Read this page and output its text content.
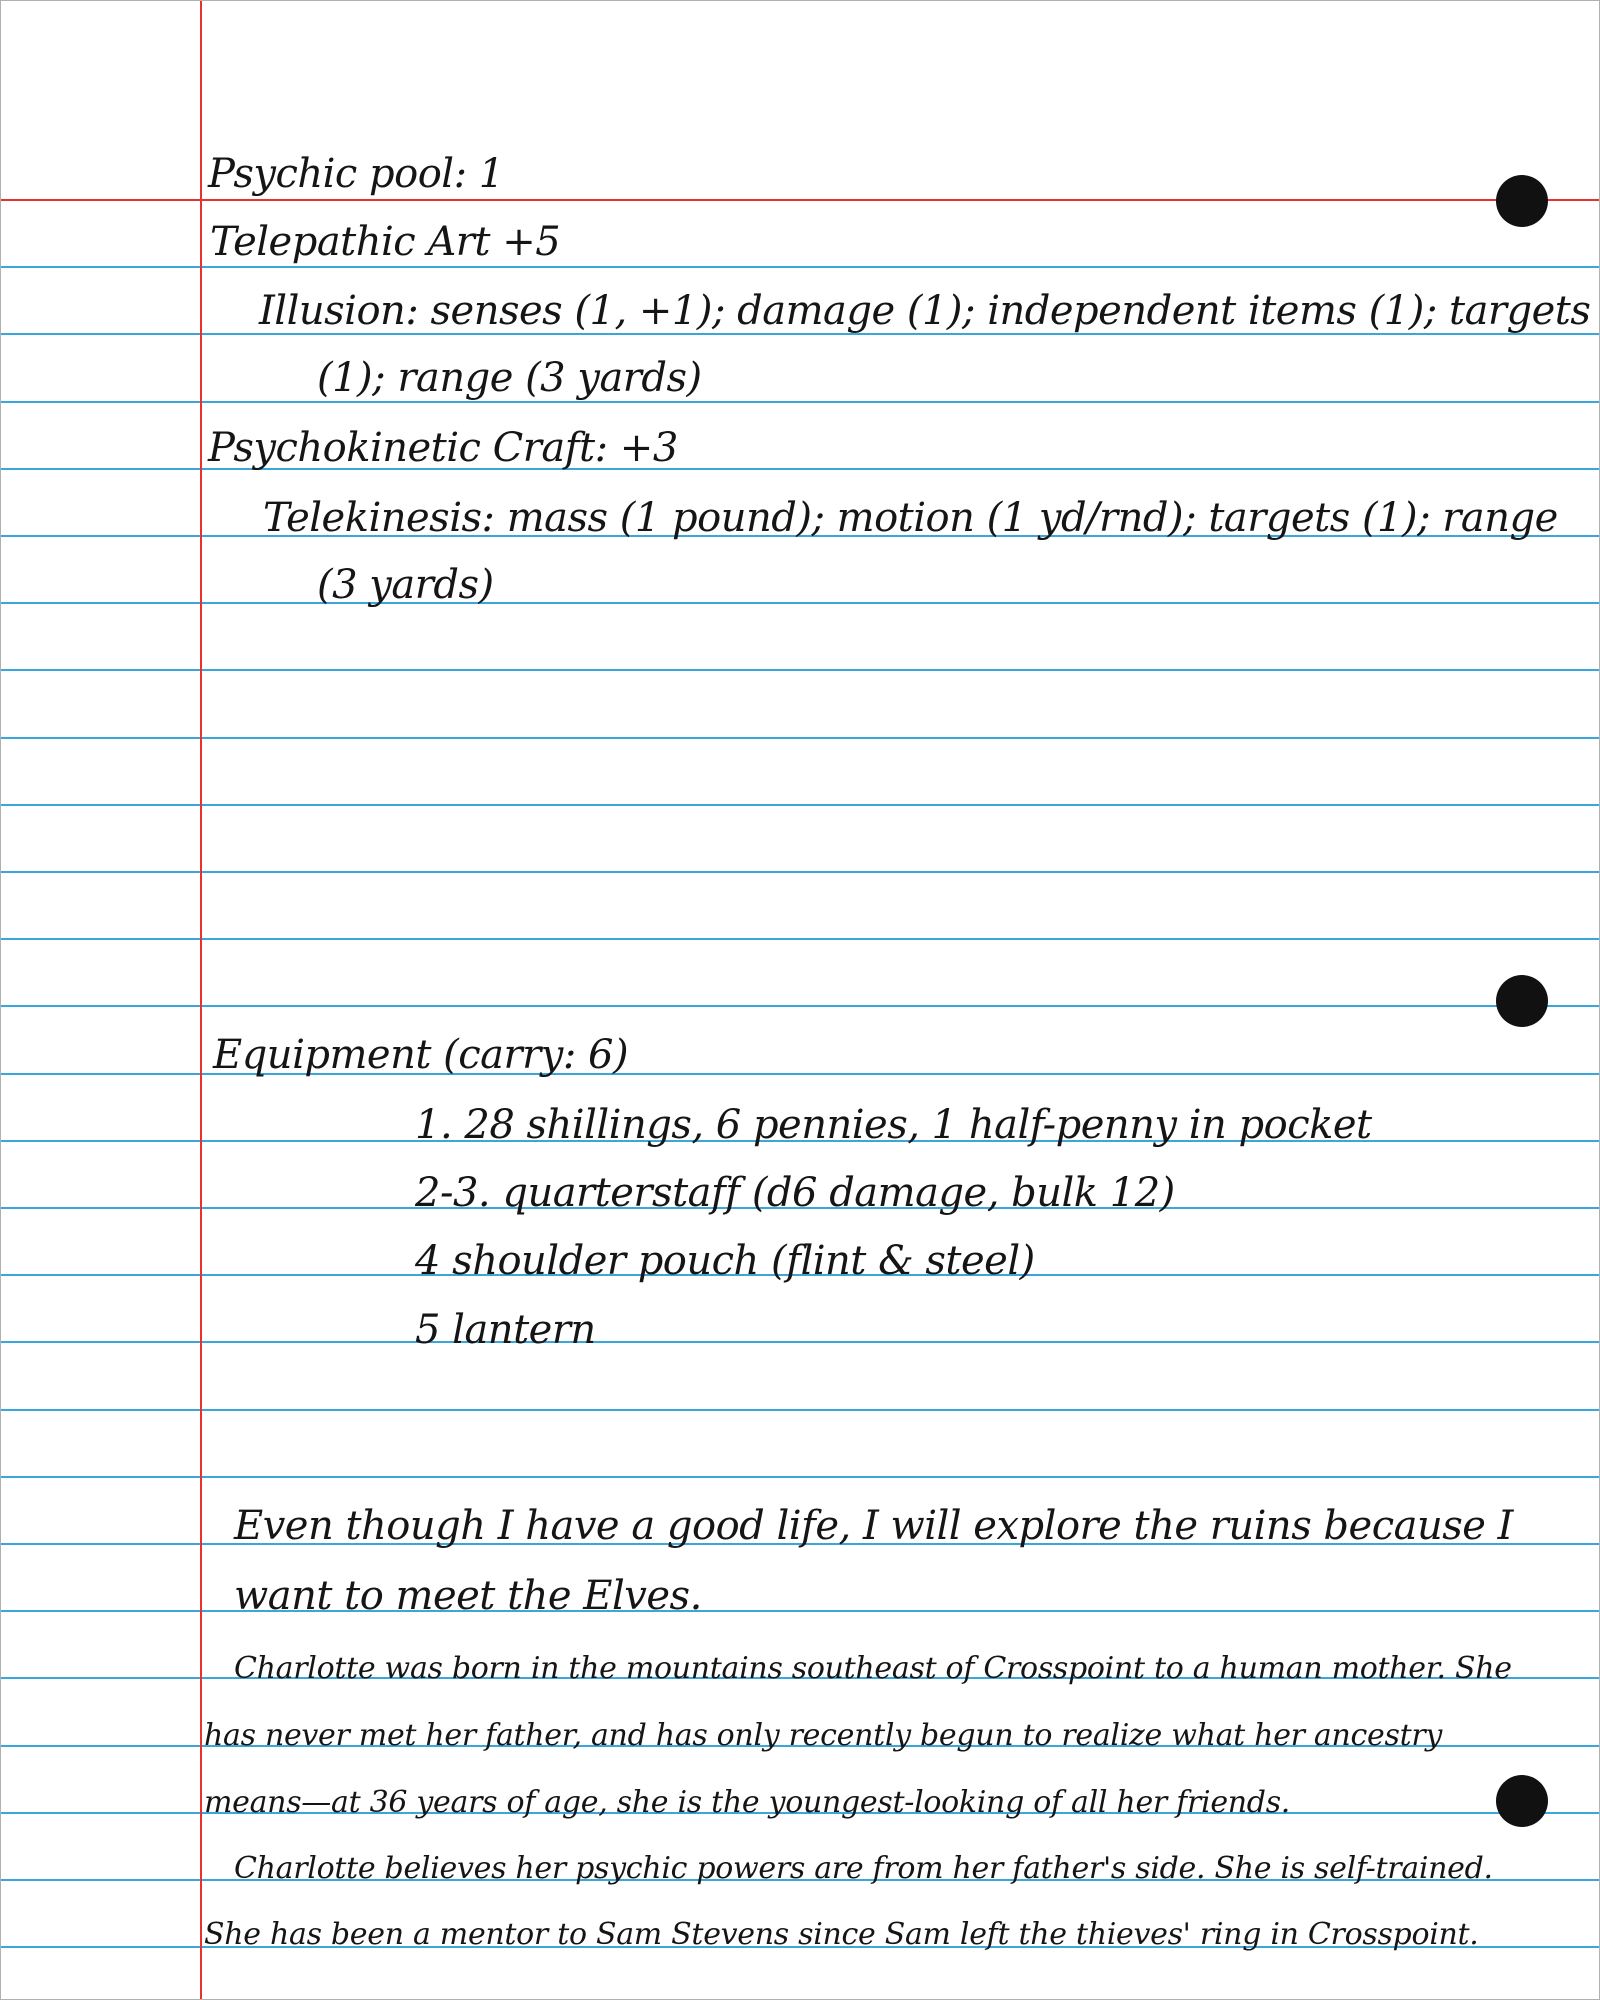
Psychic pool: 1

Telepathic Art +5

Illusion: senses (1, +1); damage (1); independent items (1); targets

(1); range (3 yards)

Psychokinetic Craft: +3

Telekinesis: mass (1 pound); motion (1 yd/rnd); targets (1); range

(3 yards)

Equipment (carry: 6)

1. 28 shillings, 6 pennies, 1 half-penny in pocket

2-3. quarterstaff (d6 damage, bulk 12)

4 shoulder pouch (flint & steel)

5 lantern

Even though I have a good life, I will explore the ruins because I

want to meet the Elves.

Charlotte was born in the mountains southeast of Crosspoint to a human mother. She

has never met her father, and has only recently begun to realize what her ancestry

means—at 36 years of age, she is the youngest-looking of all her friends.

Charlotte believes her psychic powers are from her father's side. She is self-trained.

She has been a mentor to Sam Stevens since Sam left the thieves' ring in Crosspoint.
